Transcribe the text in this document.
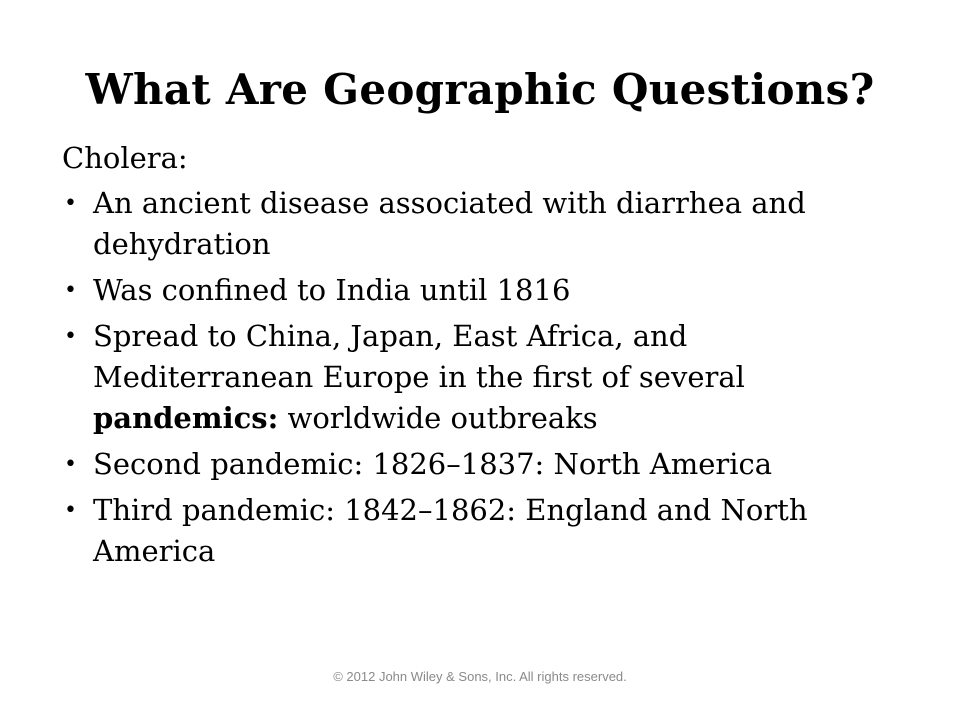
What Are Geographic Questions?

Cholera:

• An ancient disease associated with diarrhea and dehydration
• Was confined to India until 1816
• Spread to China, Japan, East Africa, and Mediterranean Europe in the first of several pandemics: worldwide outbreaks
• Second pandemic: 1826–1837: North America
• Third pandemic: 1842–1862: England and North America
© 2012 John Wiley & Sons, Inc. All rights reserved.
